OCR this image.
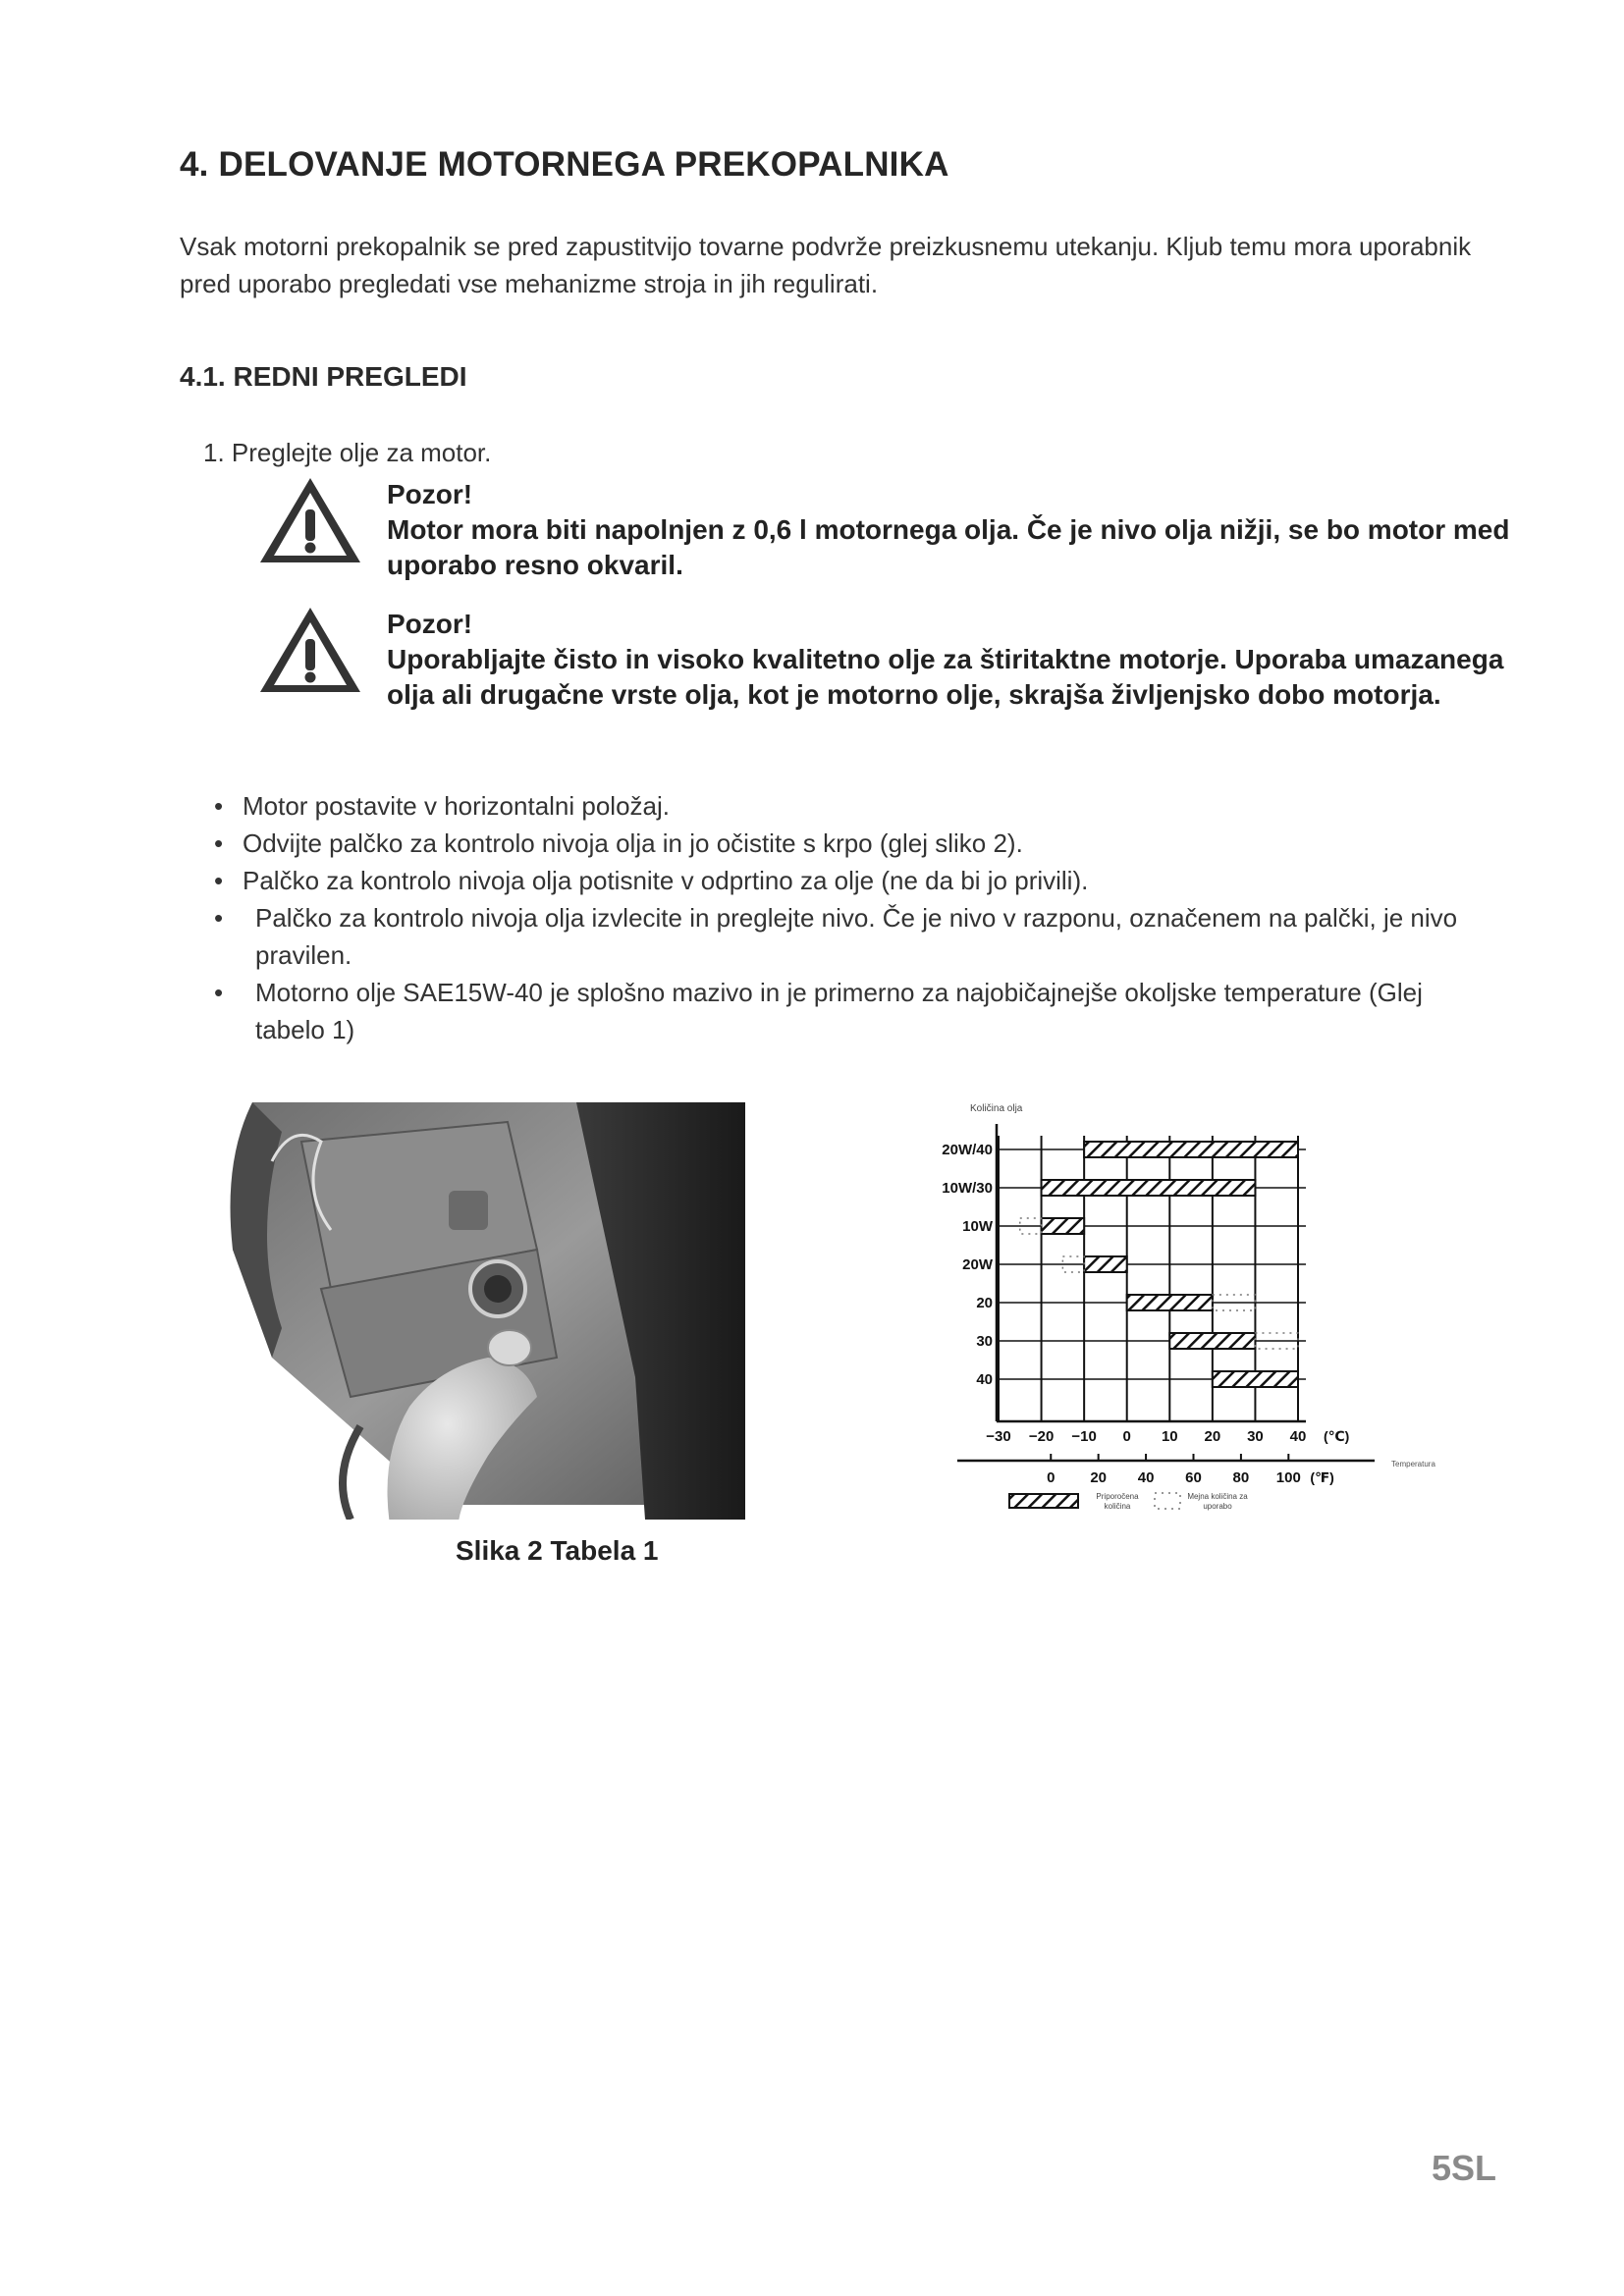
4. DELOVANJE MOTORNEGA PREKOPALNIKA
Vsak motorni prekopalnik se pred zapustitvijo tovarne podvrže preizkusnemu utekanju. Kljub temu mora uporabnik pred uporabo pregledati vse mehanizme stroja in jih regulirati.
4.1. REDNI PREGLEDI
1. Preglejte olje za motor.
Pozor!
Motor mora biti napolnjen z 0,6 l motornega olja. Če je nivo olja nižji, se bo motor med uporabo resno okvaril.
Pozor!
Uporabljajte čisto in visoko kvalitetno olje za štiritaktne motorje. Uporaba umazanega olja ali drugačne vrste olja, kot je motorno olje, skrajša življenjsko dobo motorja.
• Motor postavite v horizontalni položaj.
• Odvijte palčko za kontrolo nivoja olja in jo očistite s krpo (glej sliko 2).
• Palčko za kontrolo nivoja olja potisnite v odprtino za olje (ne da bi jo privili).
• Palčko za kontrolo nivoja olja izvlecite in preglejte nivo. Če je nivo v razponu, označenem na palčki, je nivo pravilen.
• Motorno olje SAE15W-40 je splošno mazivo in je primerno za najobičajnejše okoljske temperature (Glej tabelo 1)
Slika 2 Tabela 1
Količina olja
20W/40
10W/30
10W
20W
20
30
40
−30 −20 −10 0 10 20 30 40 (℃)
0 20 40 60 80 100 (℉)
Temperatura
Priporočena
količina
Mejna količina za
uporabo
5SL
